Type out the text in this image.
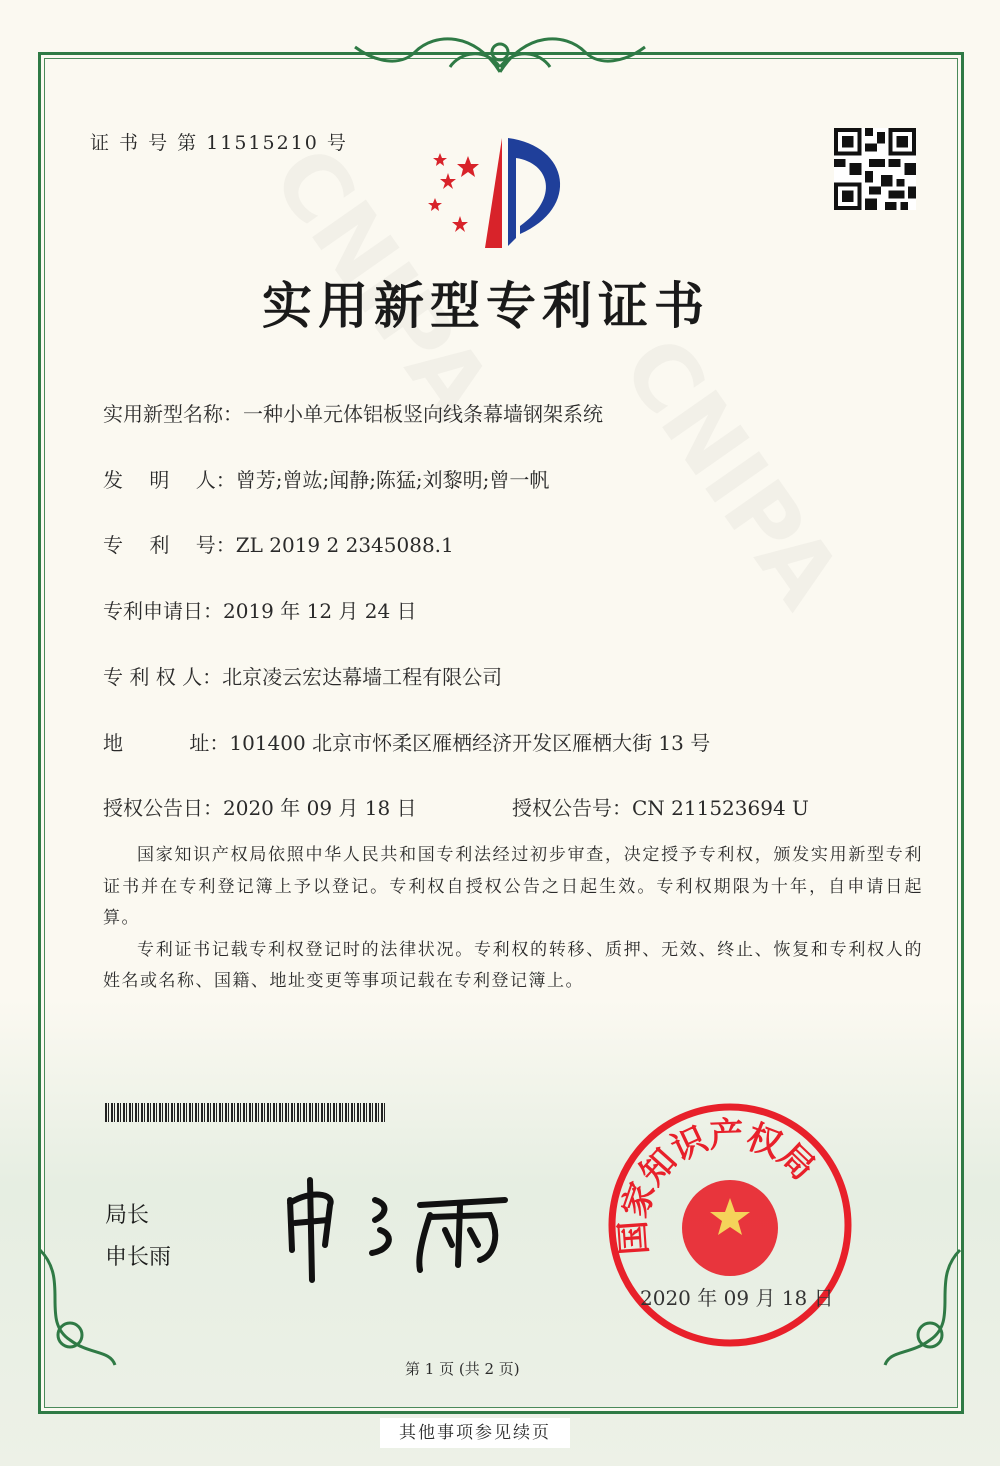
证 书 号 第 11515210 号
实用新型专利证书
实用新型名称：一种小单元体铝板竖向线条幕墙钢架系统
发　 明　 人：曾芳;曾竑;闻静;陈猛;刘黎明;曾一帆
专　 利　 号：ZL 2019 2 2345088.1
专利申请日：2019 年 12 月 24 日
专 利 权 人：北京凌云宏达幕墙工程有限公司
地　　　 址：101400 北京市怀柔区雁栖经济开发区雁栖大街 13 号
授权公告日：2020 年 09 月 18 日	授权公告号：CN 211523694 U

国家知识产权局依照中华人民共和国专利法经过初步审查，决定授予专利权，颁发实用新型专利证书并在专利登记簿上予以登记。专利权自授权公告之日起生效。专利权期限为十年，自申请日起算。

专利证书记载专利权登记时的法律状况。专利权的转移、质押、无效、终止、恢复和专利权人的姓名或名称、国籍、地址变更等事项记载在专利登记簿上。

局长
申长雨
国家知识产权局
2020 年 09 月 18 日
第 1 页 (共 2 页)
其他事项参见续页
